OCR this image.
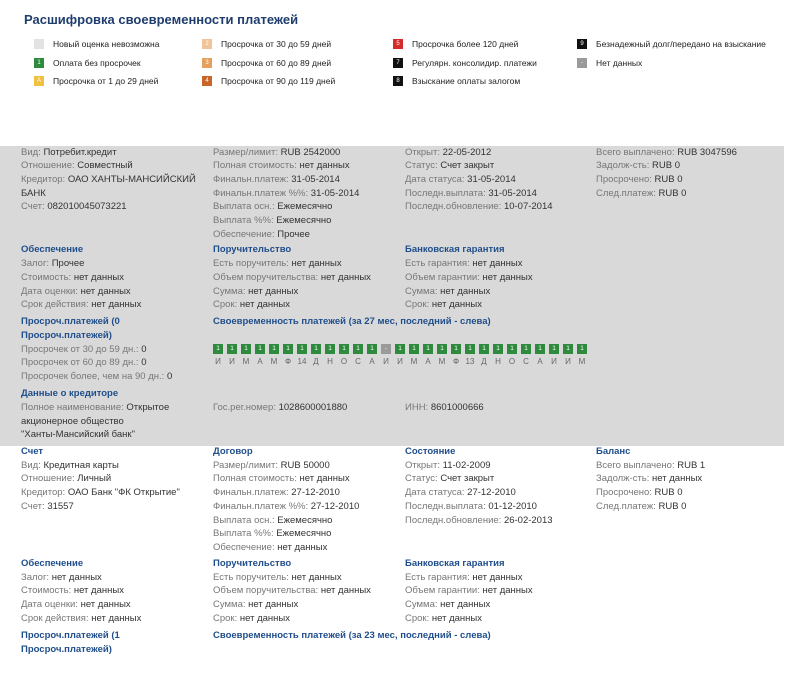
Расшифровка своевременности платежей
Новый оценка невозможна
1	Оплата без просрочек
A	Просрочка от 1 до 29 дней
2	Просрочка от 30 до 59 дней
3	Просрочка от 60 до 89 дней
4	Просрочка от 90 до 119 дней
5	Просрочка более 120 дней
7	Регулярн. консолидир. платежи
8	Взыскание оплаты залогом
9	Безнадежный долг/передано на взыскание
-	Нет данных
Вид: Потребит.кредит
Отношение: Совместный
Кредитор: ОАО ХАНТЫ-МАНСИЙСКИЙ
БАНК
Счет: 082010045073221
Размер/лимит: RUB 2542000
Полная стоимость: нет данных
Финальн.платеж: 31-05-2014
Финальн.платеж %%: 31-05-2014
Выплата осн.: Ежемесячно
Выплата %%: Ежемесячно
Обеспечение: Прочее
Открыт: 22-05-2012
Статус: Счет закрыт
Дата статуса: 31-05-2014
Последн.выплата: 31-05-2014
Последн.обновление: 10-07-2014
Всего выплачено: RUB 3047596
Задолж-сть: RUB 0
Просрочено: RUB 0
След.платеж: RUB 0
Обеспечение
Залог: Прочее
Стоимость: нет данных
Дата оценки: нет данных
Срок действия: нет данных
Поручительство
Есть поручитель: нет данных
Объем поручительства: нет данных
Сумма: нет данных
Срок: нет данных
Банковская гарантия
Есть гарантия: нет данных
Объем гарантии: нет данных
Сумма: нет данных
Срок: нет данных
Просроч.платежей (0
Просроч.платежей)
Просрочек от 30 до 59 дн.: 0
Просрочек от 60 до 89 дн.: 0
Просрочек более, чем на 90 дн.: 0
Своевременность платежей (за 27 мес, последний - слева)
1	1	1	1	1	1	1	1	1	1	1	1	-	1	1	1	1	1	1	1	1	1	1	1	1	1	1
И И М А М Ф 14 Д Н О С А И И М А М Ф 13 Д Н О С А И И М
Данные о кредиторе
Полное наименование: Открытое
акционерное общество
"Ханты-Мансийский банк"
Гос.рег.номер: 1028600001880	ИНН: 8601000666
Счет	Договор	Состояние	Баланс
Вид: Кредитная карты
Отношение: Личный
Кредитор: ОАО Банк "ФК Открытие"
Счет: 31557
Размер/лимит: RUB 50000
Полная стоимость: нет данных
Финальн.платеж: 27-12-2010
Финальн.платеж %%: 27-12-2010
Выплата осн.: Ежемесячно
Выплата %%: Ежемесячно
Обеспечение: нет данных
Открыт: 11-02-2009
Статус: Счет закрыт
Дата статуса: 27-12-2010
Последн.выплата: 01-12-2010
Последн.обновление: 26-02-2013
Всего выплачено: RUB 1
Задолж-сть: нет данных
Просрочено: RUB 0
След.платеж: RUB 0
Обеспечение
Залог: нет данных
Стоимость: нет данных
Дата оценки: нет данных
Срок действия: нет данных
Поручительство
Есть поручитель: нет данных
Объем поручительства: нет данных
Сумма: нет данных
Срок: нет данных
Банковская гарантия
Есть гарантия: нет данных
Объем гарантии: нет данных
Сумма: нет данных
Срок: нет данных
Просроч.платежей (1
Просроч.платежей)
Своевременность платежей (за 23 мес, последний - слева)
